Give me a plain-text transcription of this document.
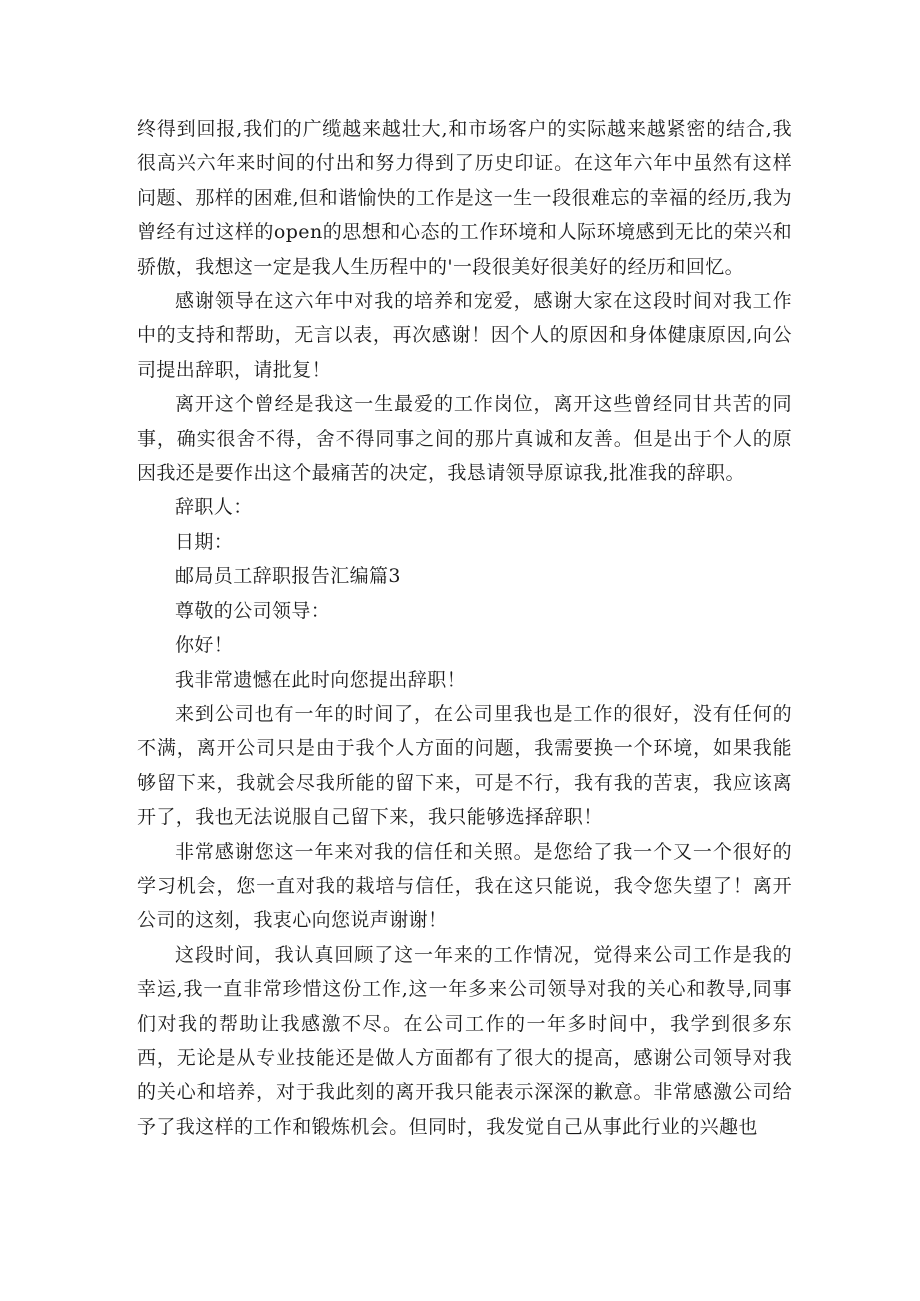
终得到回报,我们的广缆越来越壮大,和市场客户的实际越来越紧密的结合,我很高兴六年来时间的付出和努力得到了历史印证。在这年六年中虽然有这样问题、那样的困难,但和谐愉快的工作是这一生一段很难忘的幸福的经历,我为曾经有过这样的open的思想和心态的工作环境和人际环境感到无比的荣兴和骄傲，我想这一定是我人生历程中的'一段很美好很美好的经历和回忆。

感谢领导在这六年中对我的培养和宠爱，感谢大家在这段时间对我工作中的支持和帮助，无言以表，再次感谢！因个人的原因和身体健康原因,向公司提出辞职，请批复！

离开这个曾经是我这一生最爱的工作岗位，离开这些曾经同甘共苦的同事，确实很舍不得，舍不得同事之间的那片真诚和友善。但是出于个人的原因我还是要作出这个最痛苦的决定，我恳请领导原谅我,批准我的辞职。

辞职人：

日期：

邮局员工辞职报告汇编篇3

尊敬的公司领导：

你好！

我非常遗憾在此时向您提出辞职！

来到公司也有一年的时间了，在公司里我也是工作的很好，没有任何的不满，离开公司只是由于我个人方面的问题，我需要换一个环境，如果我能够留下来，我就会尽我所能的留下来，可是不行，我有我的苦衷，我应该离开了，我也无法说服自己留下来，我只能够选择辞职！

非常感谢您这一年来对我的信任和关照。是您给了我一个又一个很好的学习机会，您一直对我的栽培与信任，我在这只能说，我令您失望了！离开公司的这刻，我衷心向您说声谢谢！

这段时间，我认真回顾了这一年来的工作情况，觉得来公司工作是我的幸运,我一直非常珍惜这份工作,这一年多来公司领导对我的关心和教导,同事们对我的帮助让我感激不尽。在公司工作的一年多时间中，我学到很多东西，无论是从专业技能还是做人方面都有了很大的提高，感谢公司领导对我的关心和培养，对于我此刻的离开我只能表示深深的歉意。非常感激公司给予了我这样的工作和锻炼机会。但同时，我发觉自己从事此行业的兴趣也
